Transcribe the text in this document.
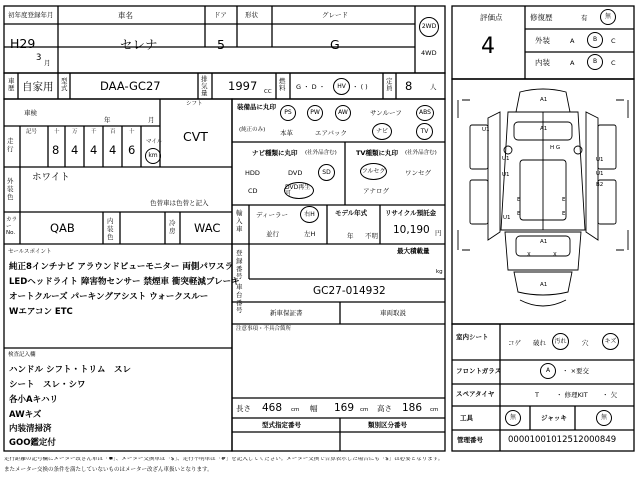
初年度登録年月	車名	ドア	形状	グレード
H29
3 月
セレナ	5	G
2WD
4WD
車歴 自家用 型式	DAA-GC27	排気量
1997 CC
燃料	G ・ D ・ HV ・ ( )
定員 8	人
車検
年	月
シフト
CVT
走行
記号	十 万 千 百 十
8 4 4 4 6
マイル
km
外装色
ホワイト
色替車は色替と記入
カラーNo.	QAB	内装色
冷房	WAC
セールスポイント
純正8インチナビ アラウンドビューモニター 両側パワスラ
LEDヘッドライト 障害物センサー 禁煙車 衝突軽減ブレーキ
オートクルーズ パーキングアシスト ウォークスルー
Wエアコン ETC
検査記入欄
ハンドル シフト・トリム　スレ
シート　スレ・シワ
各小Aキハリ
AWキズ
内装清掃済
GOO鑑定付
装備品に丸印
(純正のみ)
PS	PW	AW	サンルーフ	ABS
本革	エアバック	ナビ	TV
ナビ種類に丸印 (社外品含む)
HDD	DVD	SD
CD	DVD再生可
TV種類に丸印 (社外品含む)
フルセグ	ワンセグ
アナログ
輸入車
ディーラー
並行
右H
左H
モデル年式
年 不明
リサイクル預託金
10,190 円
登録番号
最大積載量
kg
車台番号
GC27-014932
新車保証書	車両取説
注意事項・不具合箇所
長さ 468 cm 幅 169 cm 高さ 186 cm
型式指定番号	類別区分番号
評価点
4
修復歴	有	無
外装	A	B C
内装	A	B C
A1
A1
U1
U1	U1
U1	U1
B2
U1
A1
A1
E	E
E	E
X	X
H G
室内シート
コゲ 破れ 汚れ 穴	キズ
フロントガラス	A ・ ×要交
スペアタイヤ	T	・ 修理KIT ・ 欠
工具	無	ジャッキ	無
管理番号	00001001012512000849
走行距離の記号欄にメーター改ざん車は「✱」、メーター交換車は「$」、走行不明車は「#」を記入してください。メーター交換で合算表示した場合にも「$」は必要となります。
またメーター交換の条件を満たしていないものはメーター改ざん車扱いとなります。
